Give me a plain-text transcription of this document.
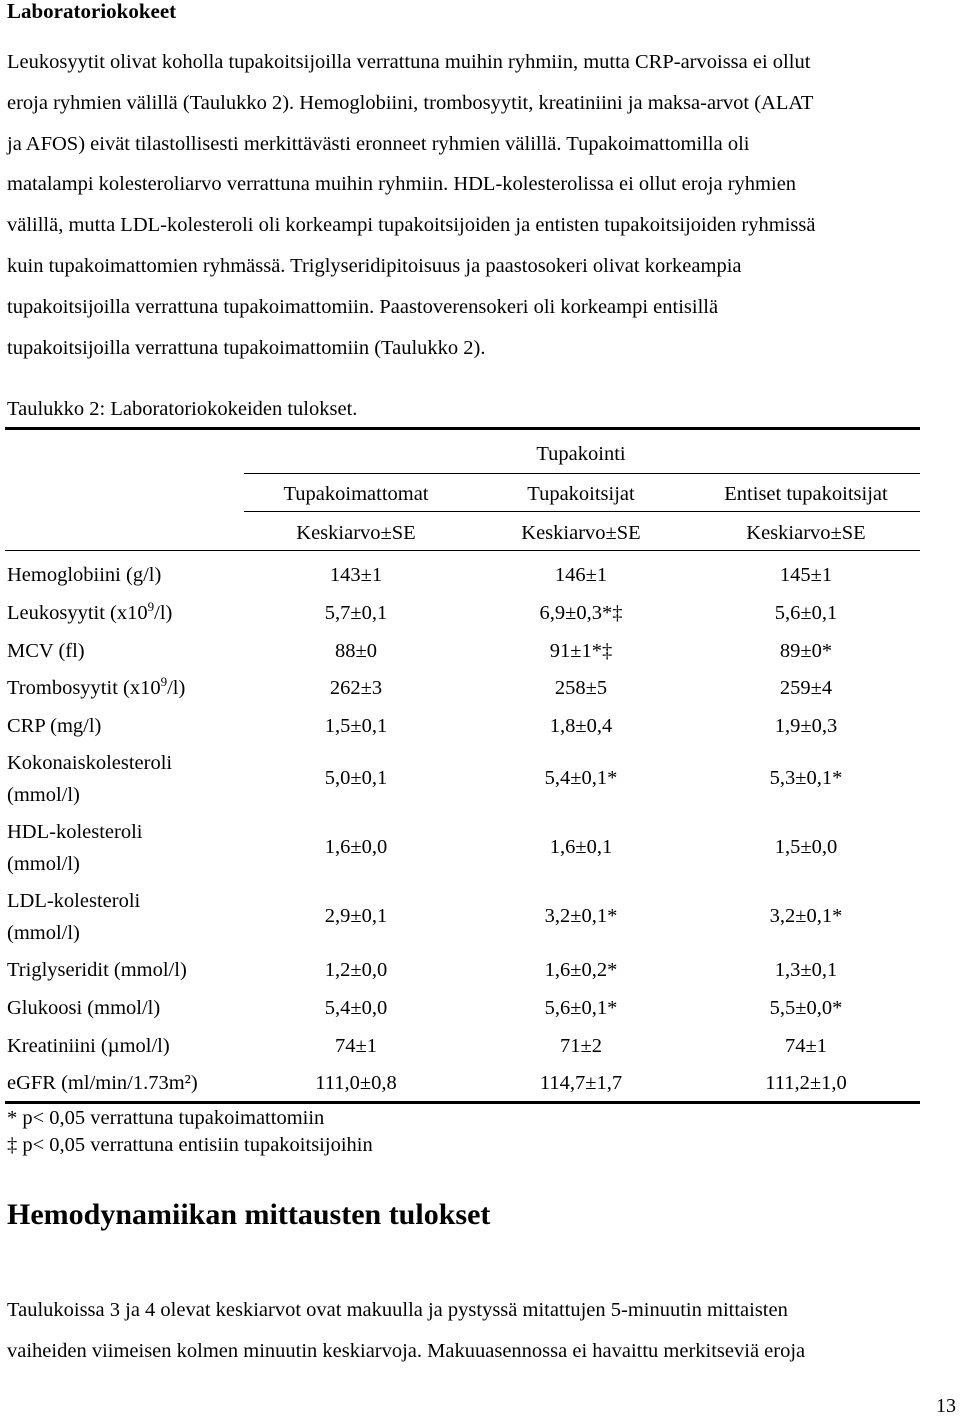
Laboratoriokokeet
Leukosyytit olivat koholla tupakoitsijoilla verrattuna muihin ryhmiin, mutta CRP-arvoissa ei ollut
eroja ryhmien välillä (Taulukko 2). Hemoglobiini, trombosyytit, kreatiniini ja maksa-arvot (ALAT
ja AFOS) eivät tilastollisesti merkittävästi eronneet ryhmien välillä. Tupakoimattomilla oli
matalampi kolesteroliarvo verrattuna muihin ryhmiin. HDL-kolesterolissa ei ollut eroja ryhmien
välillä, mutta LDL-kolesteroli oli korkeampi tupakoitsijoiden ja entisten tupakoitsijoiden ryhmissä
kuin tupakoimattomien ryhmässä. Triglyseridipitoisuus ja paastosokeri olivat korkeampia
tupakoitsijoilla verrattuna tupakoimattomiin. Paastoverensokeri oli korkeampi entisillä
tupakoitsijoilla verrattuna tupakoimattomiin (Taulukko 2).
Taulukko 2: Laboratoriokokeiden tulokset.
Tupakointi
Tupakoimattomat	Tupakoitsijat	Entiset tupakoitsijat
Keskiarvo±SE	Keskiarvo±SE	Keskiarvo±SE
Hemoglobiini (g/l)	143±1	146±1	145±1
Leukosyytit $(x10^9/l)$	5,7±0,1	6,9±0,3*‡	5,6±0,1
MCV (fl)	88±0	91±1*‡	89±0*
Trombosyytit $(x10^9/l)$	262±3	258±5	259±4
CRP (mg/l)	1,5±0,1	1,8±0,4	1,9±0,3
Kokonaiskolesteroli
(mmol/l)
5,0±0,1	5,4±0,1*	5,3±0,1*
HDL-kolesteroli
(mmol/l)
1,6±0,0	1,6±0,1	1,5±0,0
LDL-kolesteroli
(mmol/l)
2,9±0,1	3,2±0,1*	3,2±0,1*
Triglyseridit (mmol/l)	1,2±0,0	1,6±0,2*	1,3±0,1
Glukoosi (mmol/l)	5,4±0,0	5,6±0,1*	5,5±0,0*
Kreatiniini (µmol/l)	74±1	71±2	74±1
eGFR (ml/min/1.73m²)	111,0±0,8	114,7±1,7	111,2±1,0
* p< 0,05 verrattuna tupakoimattomiin
‡ p< 0,05 verrattuna entisiin tupakoitsijoihin
Hemodynamiikan mittausten tulokset
Taulukoissa 3 ja 4 olevat keskiarvot ovat makuulla ja pystyssä mitattujen 5-minuutin mittaisten
vaiheiden viimeisen kolmen minuutin keskiarvoja. Makuuasennossa ei havaittu merkitseviä eroja
13
